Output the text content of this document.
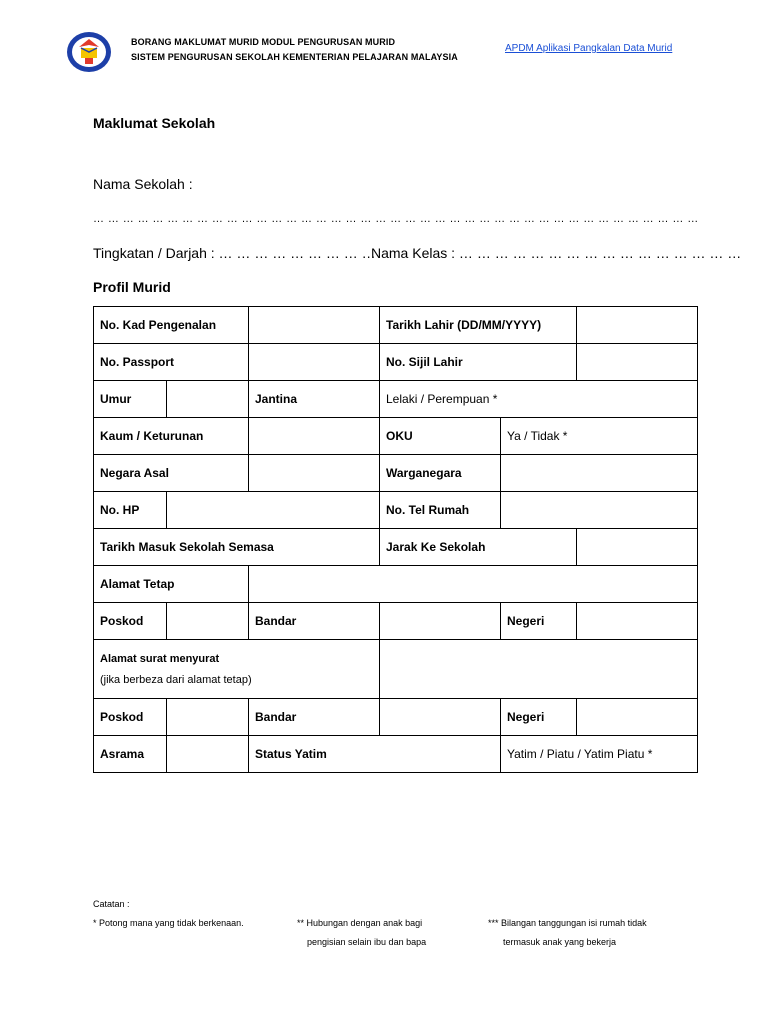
BORANG MAKLUMAT MURID MODUL PENGURUSAN MURID
SISTEM PENGURUSAN SEKOLAH KEMENTERIAN PELAJARAN MALAYSIA
APDM Aplikasi Pangkalan Data Murid
Maklumat Sekolah
Nama Sekolah :
… … … … … … … … … … … … … … … … … … … … … … … … … … … … … … … … … … … … … … … … …
Tingkatan / Darjah : … … … … … … … … …
Nama Kelas : … … … … … … … … … … … … … … … …
Profil Murid
No. Kad Pengenalan			Tarikh Lahir (DD/MM/YYYY)		
No. Passport			No. Sijil Lahir		
Umur		Jantina	Lelaki / Perempuan *		
Kaum / Keturunan			OKU	Ya / Tidak *	
Negara Asal			Warganegara		
No. HP			No. Tel Rumah		
Tarikh Masuk Sekolah Semasa			Jarak Ke Sekolah		
Alamat Tetap					
Poskod		Bandar		Negeri	

Alamat surat menyurat
(jika berbeza dari alamat tetap)					

Poskod		Bandar		Negeri	
Asrama		Status Yatim		Yatim / Piatu / Yatim Piatu *	
Catatan :
* Potong mana yang tidak berkenaan.	** Hubungan dengan anak bagi
pengisian selain ibu dan bapa
*** Bilangan tanggungan isi rumah tidak
termasuk anak yang bekerja
